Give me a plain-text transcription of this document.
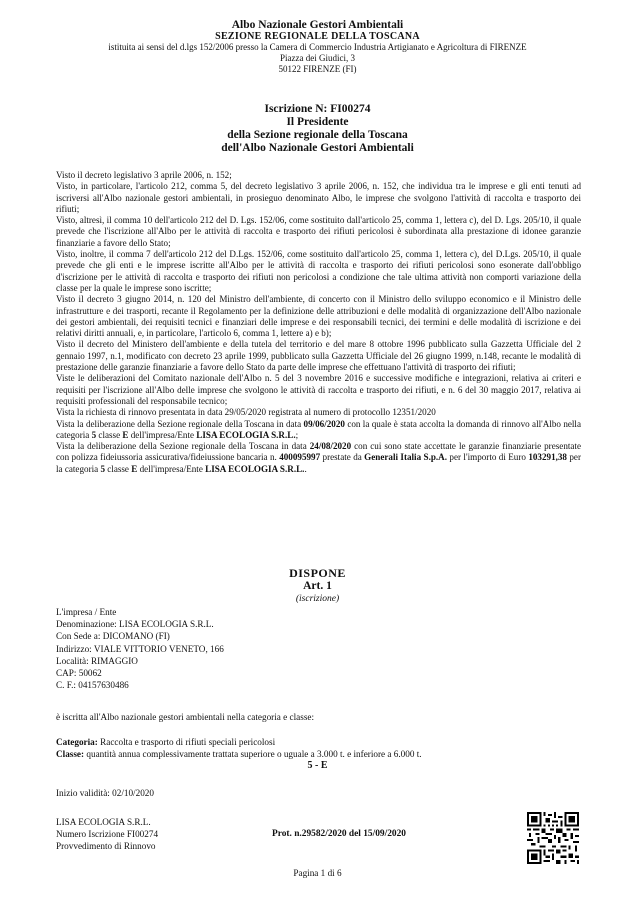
Albo Nazionale Gestori Ambientali
SEZIONE REGIONALE DELLA TOSCANA
istituita ai sensi del d.lgs 152/2006 presso la Camera di Commercio Industria Artigianato e Agricoltura di FIRENZE
Piazza dei Giudici, 3
50122 FIRENZE (FI)
Iscrizione N: FI00274
Il Presidente
della Sezione regionale della Toscana
dell'Albo Nazionale Gestori Ambientali

Visto il decreto legislativo 3 aprile 2006, n. 152;

Visto, in particolare, l'articolo 212, comma 5, del decreto legislativo 3 aprile 2006, n. 152, che individua tra le imprese e gli enti tenuti ad iscriversi all'Albo nazionale gestori ambientali, in prosieguo denominato Albo, le imprese che svolgono l'attività di raccolta e trasporto dei rifiuti;

Visto, altresì, il comma 10 dell'articolo 212 del D. Lgs. 152/06, come sostituito dall'articolo 25, comma 1, lettera c), del D. Lgs. 205/10, il quale prevede che l'iscrizione all'Albo per le attività di raccolta e trasporto dei rifiuti pericolosi è subordinata alla prestazione di idonee garanzie finanziarie a favore dello Stato;

Visto, inoltre, il comma 7 dell'articolo 212 del D.Lgs. 152/06, come sostituito dall'articolo 25, comma 1, lettera c), del D.Lgs. 205/10, il quale prevede che gli enti e le imprese iscritte all'Albo per le attività di raccolta e trasporto dei rifiuti pericolosi sono esonerate dall'obbligo d'iscrizione per le attività di raccolta e trasporto dei rifiuti non pericolosi a condizione che tale ultima attività non comporti variazione della classe per la quale le imprese sono iscritte;

Visto il decreto 3 giugno 2014, n. 120 del Ministro dell'ambiente, di concerto con il Ministro dello sviluppo economico e il Ministro delle infrastrutture e dei trasporti, recante il Regolamento per la definizione delle attribuzioni e delle modalità di organizzazione dell'Albo nazionale dei gestori ambientali, dei requisiti tecnici e finanziari delle imprese e dei responsabili tecnici, dei termini e delle modalità di iscrizione e dei relativi diritti annuali, e, in particolare, l'articolo 6, comma 1, lettere a) e b);

Visto il decreto del Ministero dell'ambiente e della tutela del territorio e del mare 8 ottobre 1996 pubblicato sulla Gazzetta Ufficiale del 2 gennaio 1997, n.1, modificato con decreto 23 aprile 1999, pubblicato sulla Gazzetta Ufficiale del 26 giugno 1999, n.148, recante le modalità di prestazione delle garanzie finanziarie a favore dello Stato da parte delle imprese che effettuano l'attività di trasporto dei rifiuti;

Viste le deliberazioni del Comitato nazionale dell'Albo n. 5 del 3 novembre 2016 e successive modifiche e integrazioni, relativa ai criteri e requisiti per l'iscrizione all'Albo delle imprese che svolgono le attività di raccolta e trasporto dei rifiuti, e n. 6 del 30 maggio 2017, relativa ai requisiti professionali del responsabile tecnico;

Vista la richiesta di rinnovo presentata in data 29/05/2020 registrata al numero di protocollo 12351/2020

Vista la deliberazione della Sezione regionale della Toscana in data 09/06/2020 con la quale è stata accolta la domanda di rinnovo all'Albo nella categoria 5 classe E dell'impresa/Ente LISA ECOLOGIA S.R.L.;

Vista la deliberazione della Sezione regionale della Toscana in data 24/08/2020 con cui sono state accettate le garanzie finanziarie presentate con polizza fideiussoria assicurativa/fideiussione bancaria n. 400095997 prestate da Generali Italia S.p.A. per l'importo di Euro 103291,38 per la categoria 5 classe E dell'impresa/Ente LISA ECOLOGIA S.R.L..

DISPONE
Art. 1
(iscrizione)
L'impresa / Ente
Denominazione: LISA ECOLOGIA S.R.L.
Con Sede a: DICOMANO (FI)
Indirizzo: VIALE VITTORIO VENETO, 166
Località: RIMAGGIO
CAP: 50062
C. F.: 04157630486
è iscritta all'Albo nazionale gestori ambientali nella categoria e classe:
Categoria: Raccolta e trasporto di rifiuti speciali pericolosi
Classe: quantità annua complessivamente trattata superiore o uguale a 3.000 t. e inferiore a 6.000 t.
5 - E
Inizio validità: 02/10/2020
LISA ECOLOGIA S.R.L.
Numero Iscrizione FI00274
Provvedimento di Rinnovo
Prot. n.29582/2020 del 15/09/2020
Pagina 1 di 6
